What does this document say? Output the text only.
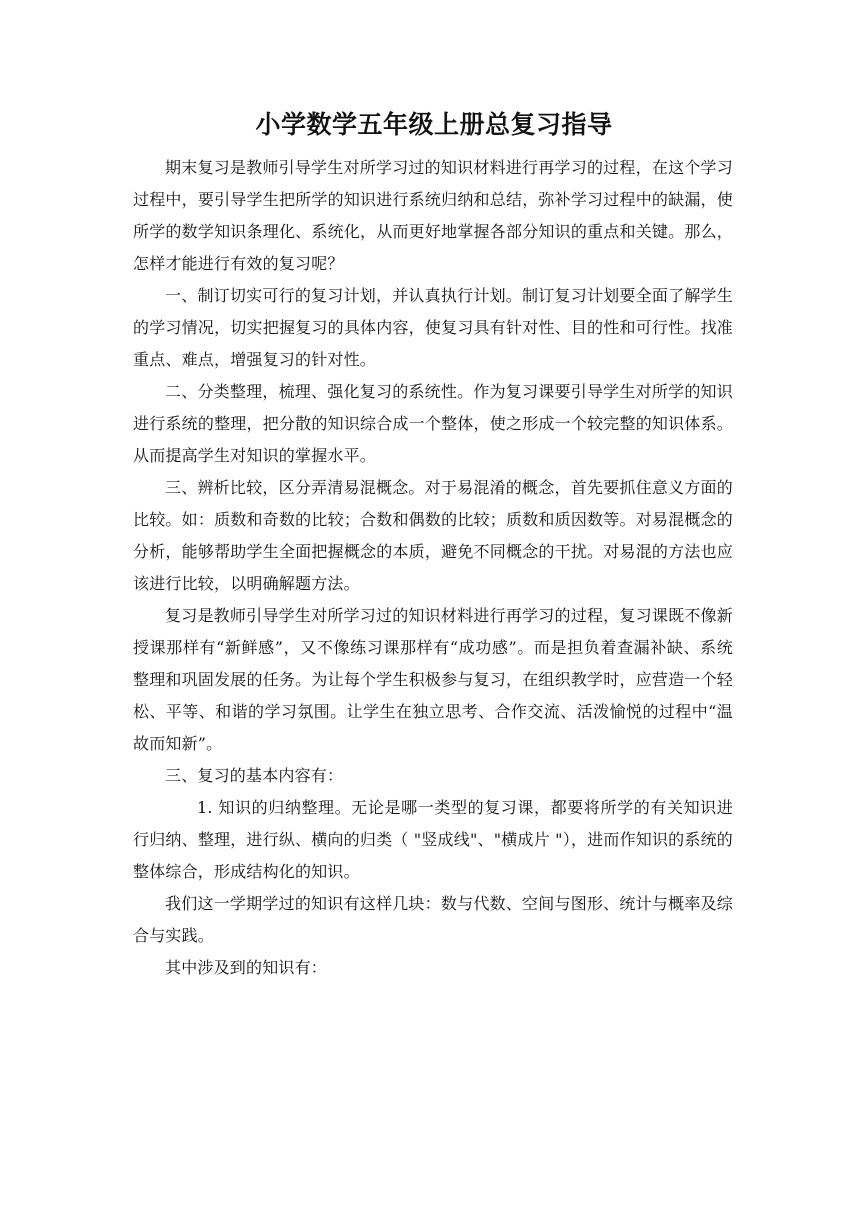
小学数学五年级上册总复习指导

期末复习是教师引导学生对所学习过的知识材料进行再学习的过程，在这个学习过程中，要引导学生把所学的知识进行系统归纳和总结，弥补学习过程中的缺漏，使所学的数学知识条理化、系统化，从而更好地掌握各部分知识的重点和关键。那么，怎样才能进行有效的复习呢？

一、制订切实可行的复习计划，并认真执行计划。制订复习计划要全面了解学生的学习情况，切实把握复习的具体内容，使复习具有针对性、目的性和可行性。找准重点、难点，增强复习的针对性。

二、分类整理，梳理、强化复习的系统性。作为复习课要引导学生对所学的知识进行系统的整理，把分散的知识综合成一个整体，使之形成一个较完整的知识体系。从而提高学生对知识的掌握水平。

三、辨析比较，区分弄清易混概念。对于易混淆的概念，首先要抓住意义方面的比较。如：质数和奇数的比较；合数和偶数的比较；质数和质因数等。对易混概念的分析，能够帮助学生全面把握概念的本质，避免不同概念的干扰。对易混的方法也应该进行比较，以明确解题方法。

复习是教师引导学生对所学习过的知识材料进行再学习的过程，复习课既不像新授课那样有“新鲜感”，又不像练习课那样有“成功感”。而是担负着查漏补缺、系统整理和巩固发展的任务。为让每个学生积极参与复习，在组织教学时，应营造一个轻松、平等、和谐的学习氛围。让学生在独立思考、合作交流、活泼愉悦的过程中“温故而知新”。

三、复习的基本内容有：

1. 知识的归纳整理。无论是哪一类型的复习课，都要将所学的有关知识进行归纳、整理，进行纵、横向的归类（ "竖成线"、"横成片 "），进而作知识的系统的整体综合，形成结构化的知识。

我们这一学期学过的知识有这样几块：数与代数、空间与图形、统计与概率及综合与实践。

其中涉及到的知识有：
